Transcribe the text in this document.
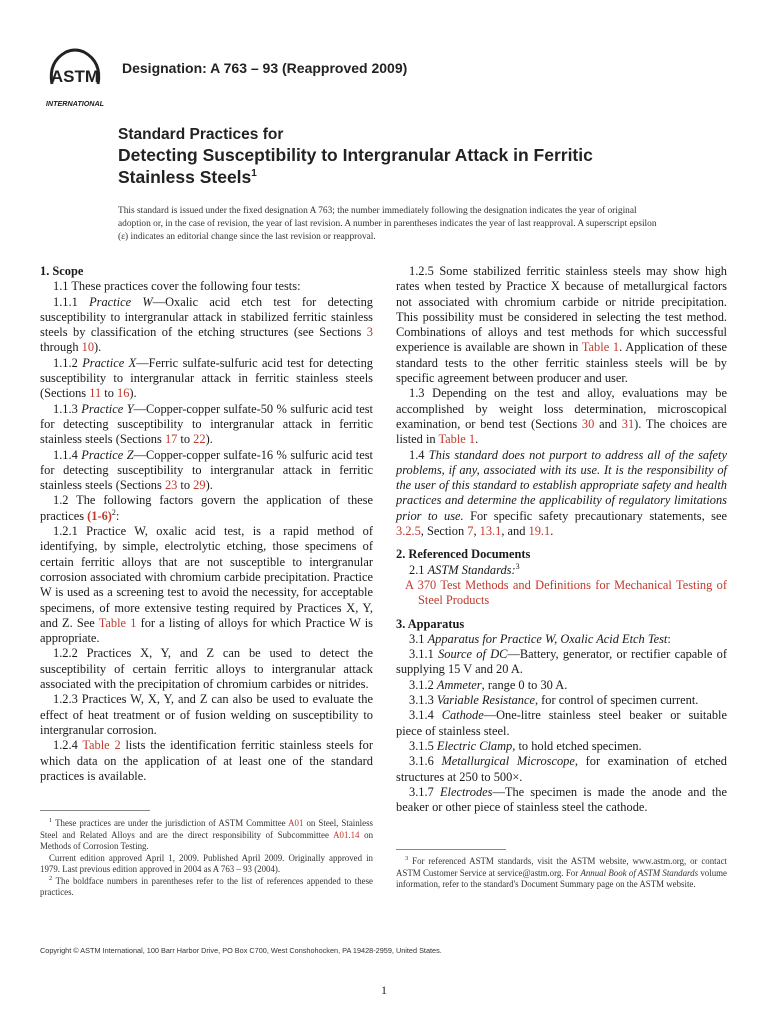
ASTM
INTERNATIONAL
Designation: A 763 – 93 (Reapproved 2009)
Standard Practices for
Detecting Susceptibility to Intergranular Attack in Ferritic
Stainless Steels$^1$

This standard is issued under the fixed designation A 763; the number immediately following the designation indicates the year of original adoption or, in the case of revision, the year of last revision. A number in parentheses indicates the year of last reapproval. A superscript epsilon (ε) indicates an editorial change since the last revision or reapproval.

1. Scope

1.1 These practices cover the following four tests:

1.1.1 Practice W—Oxalic acid etch test for detecting susceptibility to intergranular attack in stabilized ferritic stainless steels by classification of the etching structures (see Sections 3 through 10).

1.1.2 Practice X—Ferric sulfate-sulfuric acid test for detecting susceptibility to intergranular attack in ferritic stainless steels (Sections 11 to 16).

1.1.3 Practice Y—Copper-copper sulfate-50 % sulfuric acid test for detecting susceptibility to intergranular attack in ferritic stainless steels (Sections 17 to 22).

1.1.4 Practice Z—Copper-copper sulfate-16 % sulfuric acid test for detecting susceptibility to intergranular attack in ferritic stainless steels (Sections 23 to 29).

1.2 The following factors govern the application of these practices $(1-6)^2$:

1.2.1 Practice W, oxalic acid test, is a rapid method of identifying, by simple, electrolytic etching, those specimens of certain ferritic alloys that are not susceptible to intergranular corrosion associated with chromium carbide precipitation. Practice W is used as a screening test to avoid the necessity, for acceptable specimens, of more extensive testing required by Practices X, Y, and Z. See Table 1 for a listing of alloys for which Practice W is appropriate.

1.2.2 Practices X, Y, and Z can be used to detect the susceptibility of certain ferritic alloys to intergranular attack associated with the precipitation of chromium carbides or nitrides.

1.2.3 Practices W, X, Y, and Z can also be used to evaluate the effect of heat treatment or of fusion welding on susceptibility to intergranular corrosion.

1.2.4 Table 2 lists the identification ferritic stainless steels for which data on the application of at least one of the standard practices is available.

$^1$ These practices are under the jurisdiction of ASTM Committee A01 on Steel, Stainless Steel and Related Alloys and are the direct responsibility of Subcommittee A01.14 on Methods of Corrosion Testing.

Current edition approved April 1, 2009. Published April 2009. Originally approved in 1979. Last previous edition approved in 2004 as A 763 – 93 (2004).

$^2$ The boldface numbers in parentheses refer to the list of references appended to these practices.

1.2.5 Some stabilized ferritic stainless steels may show high rates when tested by Practice X because of metallurgical factors not associated with chromium carbide or nitride precipitation. This possibility must be considered in selecting the test method. Combinations of alloys and test methods for which successful experience is available are shown in Table 1. Application of these standard tests to the other ferritic stainless steels will be by specific agreement between producer and user.

1.3 Depending on the test and alloy, evaluations may be accomplished by weight loss determination, microscopical examination, or bend test (Sections 30 and 31). The choices are listed in Table 1.

1.4 This standard does not purport to address all of the safety problems, if any, associated with its use. It is the responsibility of the user of this standard to establish appropriate safety and health practices and determine the applicability of regulatory limitations prior to use. For specific safety precautionary statements, see 3.2.5, Section 7, 13.1, and 19.1.

2. Referenced Documents

2.1 ASTM Standards:$^3$

A 370 Test Methods and Definitions for Mechanical Testing of Steel Products

3. Apparatus

3.1 Apparatus for Practice W, Oxalic Acid Etch Test:

3.1.1 Source of DC—Battery, generator, or rectifier capable of supplying 15 V and 20 A.

3.1.2 Ammeter, range 0 to 30 A.

3.1.3 Variable Resistance, for control of specimen current.

3.1.4 Cathode—One-litre stainless steel beaker or suitable piece of stainless steel.

3.1.5 Electric Clamp, to hold etched specimen.

3.1.6 Metallurgical Microscope, for examination of etched structures at 250 to 500×.

3.1.7 Electrodes—The specimen is made the anode and the beaker or other piece of stainless steel the cathode.

$^3$ For referenced ASTM standards, visit the ASTM website, www.astm.org, or contact ASTM Customer Service at service@astm.org. For Annual Book of ASTM Standards volume information, refer to the standard's Document Summary page on the ASTM website.

Copyright © ASTM International, 100 Barr Harbor Drive, PO Box C700, West Conshohocken, PA 19428-2959, United States.
1
